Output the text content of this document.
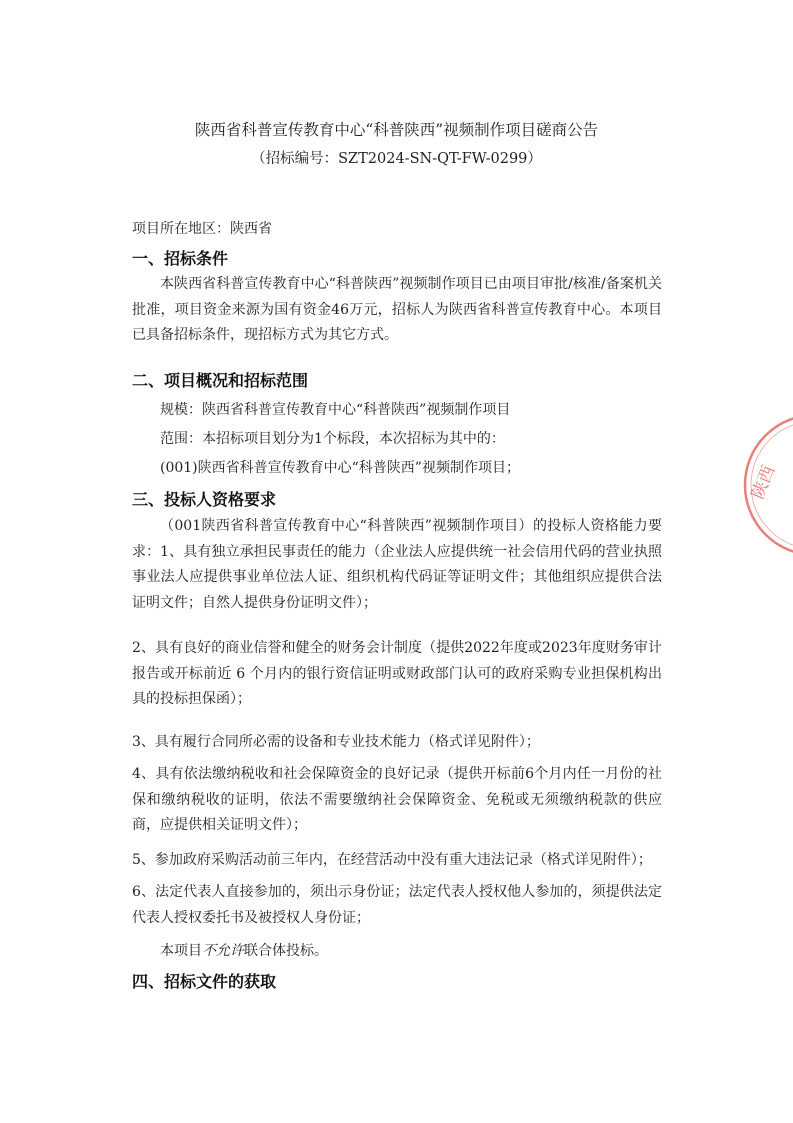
陕西省科普宣传教育中心“科普陕西”视频制作项目磋商公告
（招标编号：SZT2024-SN-QT-FW-0299）
项目所在地区：陕西省
一、招标条件
本陕西省科普宣传教育中心“科普陕西”视频制作项目已由项目审批/核准/备案机关批准，项目资金来源为国有资金46万元，招标人为陕西省科普宣传教育中心。本项目已具备招标条件，现招标方式为其它方式。
二、项目概况和招标范围
规模：陕西省科普宣传教育中心“科普陕西”视频制作项目
范围：本招标项目划分为1个标段，本次招标为其中的：
(001)陕西省科普宣传教育中心“科普陕西”视频制作项目；
三、投标人资格要求
（001陕西省科普宣传教育中心“科普陕西”视频制作项目）的投标人资格能力要求：1、具有独立承担民事责任的能力（企业法人应提供统一社会信用代码的营业执照 事业法人应提供事业单位法人证、组织机构代码证等证明文件；其他组织应提供合法证明文件；自然人提供身份证明文件）；
2、具有良好的商业信誉和健全的财务会计制度（提供2022年度或2023年度财务审计报告或开标前近 6 个月内的银行资信证明或财政部门认可的政府采购专业担保机构出具的投标担保函）；
3、具有履行合同所必需的设备和专业技术能力（格式详见附件）；
4、具有依法缴纳税收和社会保障资金的良好记录（提供开标前6个月内任一月份的社保和缴纳税收的证明，依法不需要缴纳社会保障资金、免税或无须缴纳税款的供应商，应提供相关证明文件）；
5、参加政府采购活动前三年内，在经营活动中没有重大违法记录（格式详见附件）；
6、法定代表人直接参加的，须出示身份证；法定代表人授权他人参加的，须提供法定代表人授权委托书及被授权人身份证；
本项目不允许联合体投标。
四、招标文件的获取
陕西
